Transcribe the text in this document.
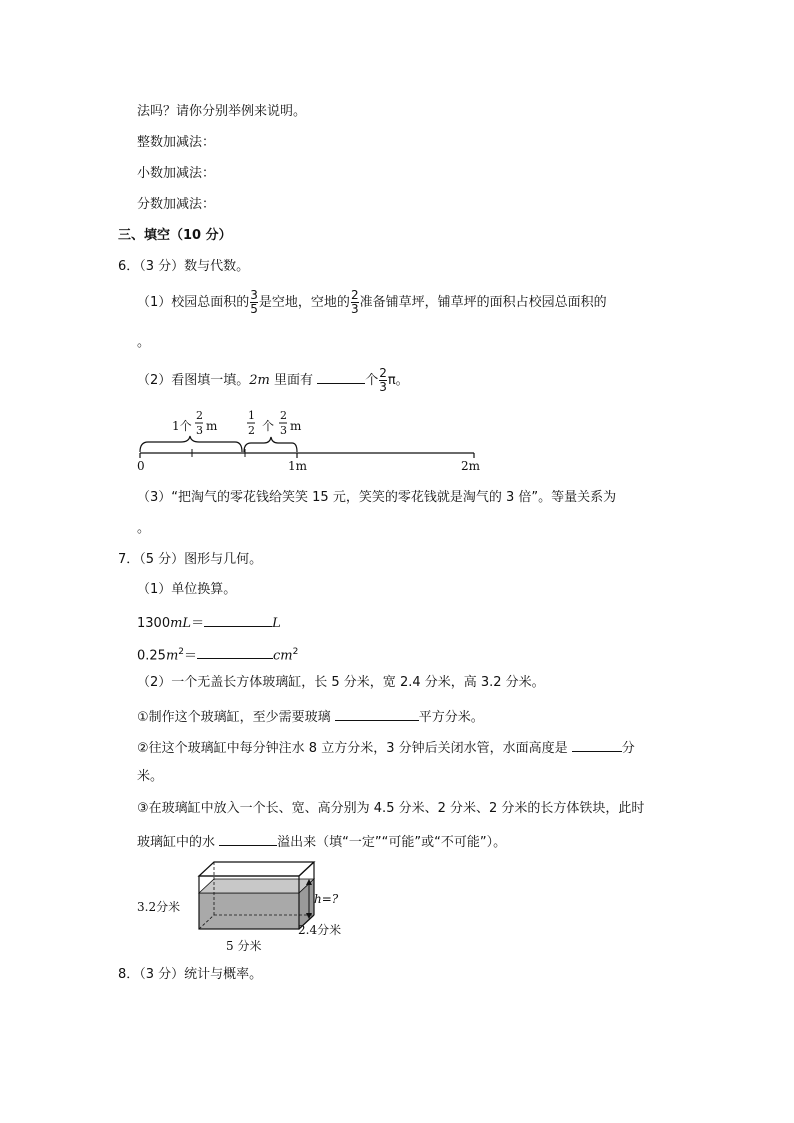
法吗？请你分别举例来说明。
整数加减法：
小数加减法：
分数加减法：
三、填空（10 分）
6．（3 分）数与代数。
（1）校园总面积的 $\frac{3}{5}$ 是空地，空地的 $\frac{2}{3}$ 准备铺草坪，铺草坪的面积占校园总面积的
。
（2）看图填一填。2m 里面有	个 $\frac{2}{3}$ π。
1个
2
3 m
1
2 个
2
3 m
0	1m	2m
（3）“把淘气的零花钱给笑笑 15 元，笑笑的零花钱就是淘气的 3 倍”。等量关系为
。
7．（5 分）图形与几何。
（1）单位换算。
1300mL＝	L
$0.25m^2=$	$cm^2$
（2）一个无盖长方体玻璃缸，长 5 分米，宽 2.4 分米，高 3.2 分米。
①制作这个玻璃缸，至少需要玻璃	平方分米。
②往这个玻璃缸中每分钟注水 8 立方分米，3 分钟后关闭水管，水面高度是	分
米。
③在玻璃缸中放入一个长、宽、高分别为 4.5 分米、2 分米、2 分米的长方体铁块，此时
玻璃缸中的水	溢出来（填“一定”“可能”或“不可能”）。
h=?
3.2分米
2.4分米
5 分米
8．（3 分）统计与概率。
